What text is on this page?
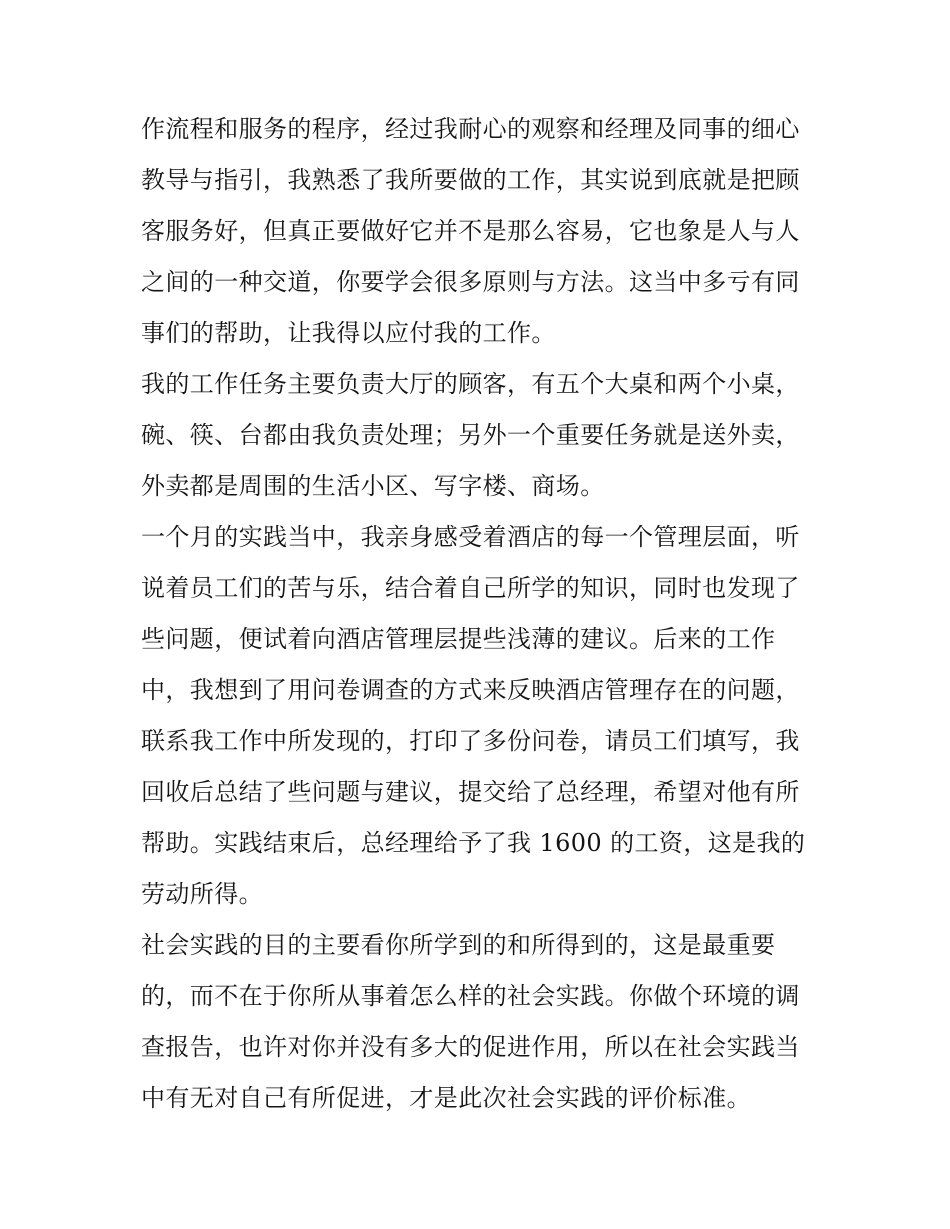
作流程和服务的程序，经过我耐心的观察和经理及同事的细心
教导与指引，我熟悉了我所要做的工作，其实说到底就是把顾
客服务好，但真正要做好它并不是那么容易，它也象是人与人
之间的一种交道，你要学会很多原则与方法。这当中多亏有同
事们的帮助，让我得以应付我的工作。
我的工作任务主要负责大厅的顾客，有五个大桌和两个小桌，
碗、筷、台都由我负责处理；另外一个重要任务就是送外卖，
外卖都是周围的生活小区、写字楼、商场。
一个月的实践当中，我亲身感受着酒店的每一个管理层面，听
说着员工们的苦与乐，结合着自己所学的知识，同时也发现了
些问题，便试着向酒店管理层提些浅薄的建议。后来的工作
中，我想到了用问卷调查的方式来反映酒店管理存在的问题，
联系我工作中所发现的，打印了多份问卷，请员工们填写，我
回收后总结了些问题与建议，提交给了总经理，希望对他有所
帮助。实践结束后，总经理给予了我 1600 的工资，这是我的
劳动所得。
社会实践的目的主要看你所学到的和所得到的，这是最重要
的，而不在于你所从事着怎么样的社会实践。你做个环境的调
查报告，也许对你并没有多大的促进作用，所以在社会实践当
中有无对自己有所促进，才是此次社会实践的评价标准。
